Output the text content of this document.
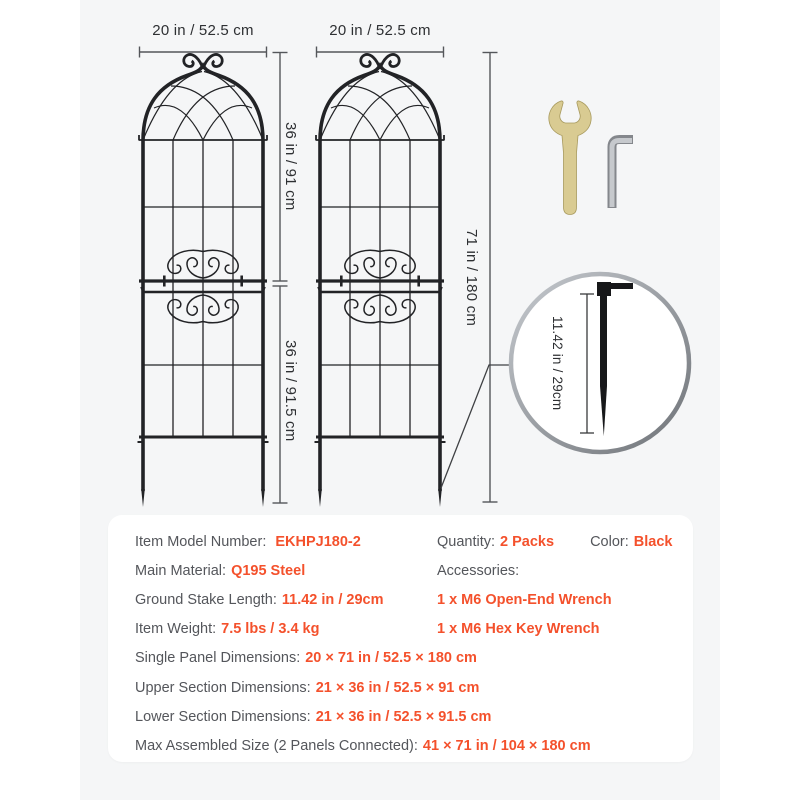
20 in / 52.5 cm	20 in / 52.5 cm
36 in / 91 cm
36 in / 91.5 cm
71 in / 180 cm
11.42 in / 29cm
Item Model Number: EKHPJ180-2
Main Material: Q195 Steel
Ground Stake Length: 11.42 in / 29cm
Item Weight: 7.5 lbs / 3.4 kg
Single Panel Dimensions: 20 × 71 in / 52.5 × 180 cm
Upper Section Dimensions: 21 × 36 in / 52.5 × 91 cm
Lower Section Dimensions: 21 × 36 in / 52.5 × 91.5 cm
Max Assembled Size (2 Panels Connected): 41 × 71 in / 104 × 180 cm
Quantity: 2 Packs Color: Black
Accessories:
1 x M6 Open-End Wrench
1 x M6 Hex Key Wrench
